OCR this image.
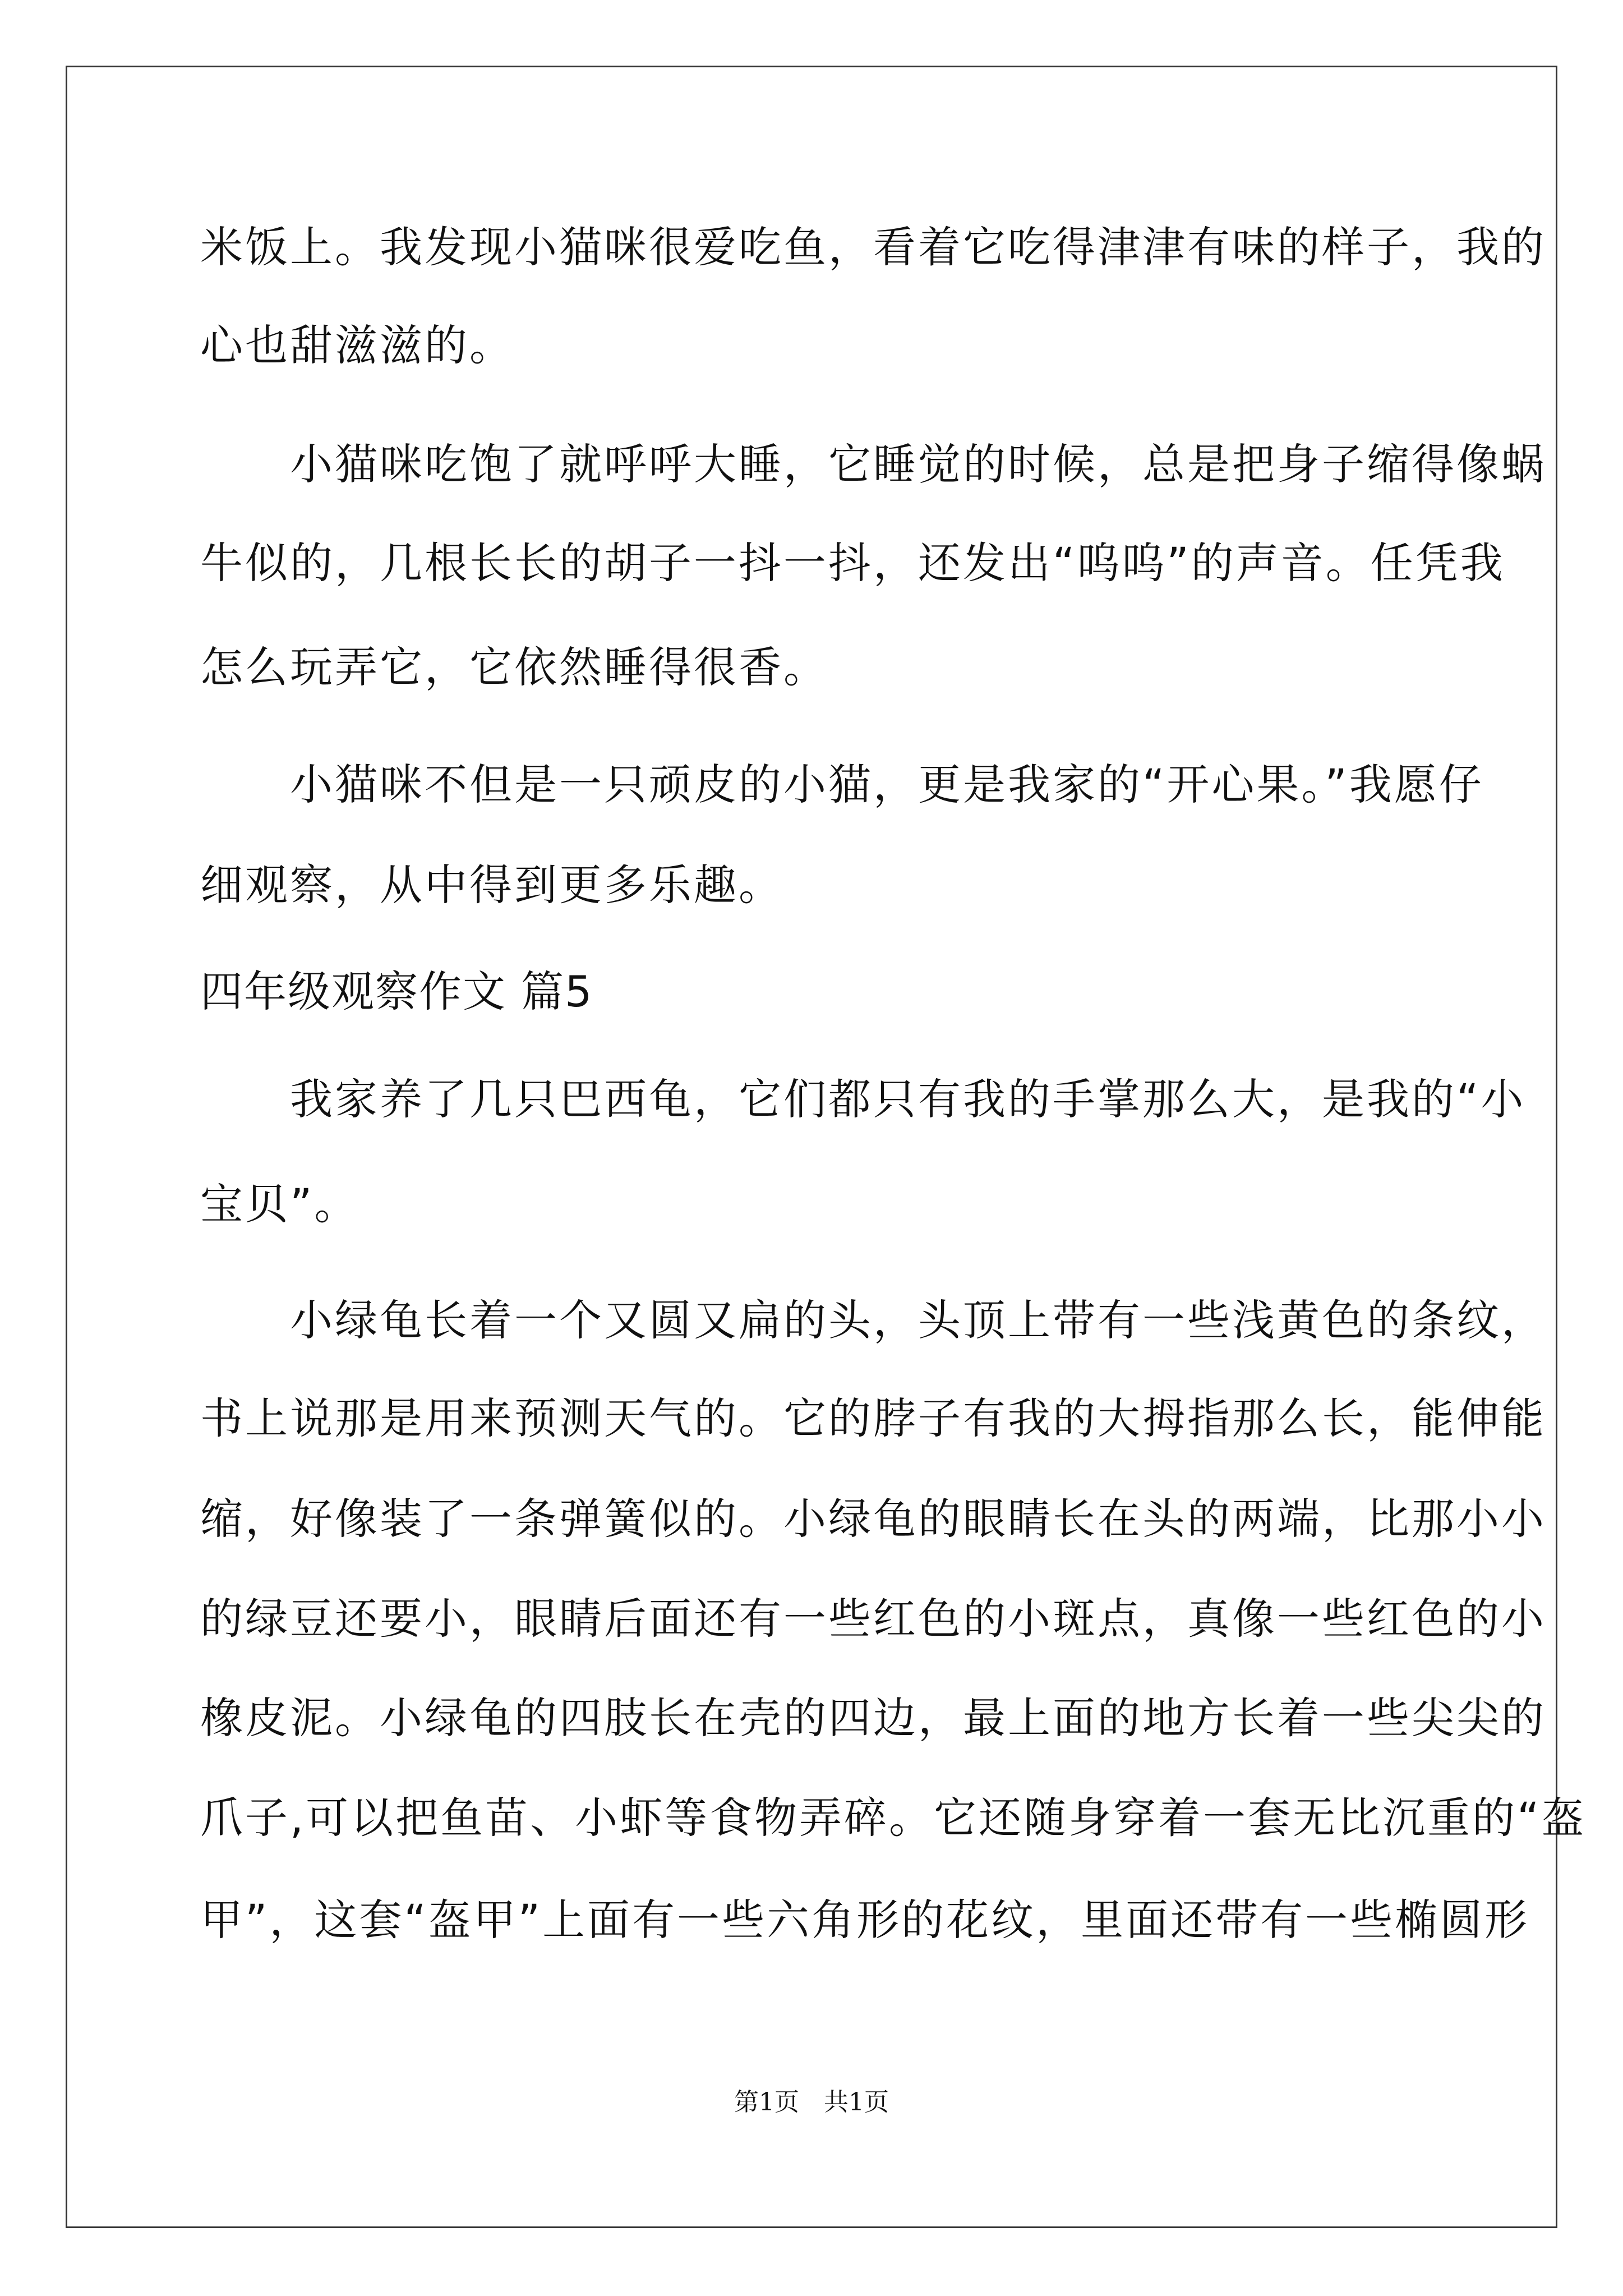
米饭上。我发现小猫咪很爱吃鱼，看着它吃得津津有味的样子，我的
心也甜滋滋的。
　　小猫咪吃饱了就呼呼大睡，它睡觉的时候，总是把身子缩得像蜗
牛似的，几根长长的胡子一抖一抖，还发出“呜呜”的声音。任凭我
怎么玩弄它，它依然睡得很香。
　　小猫咪不但是一只顽皮的小猫，更是我家的“开心果。”我愿仔
细观察，从中得到更多乐趣。
四年级观察作文 篇5
　　我家养了几只巴西龟，它们都只有我的手掌那么大，是我的“小
宝贝”。
　　小绿龟长着一个又圆又扁的头，头顶上带有一些浅黄色的条纹，
书上说那是用来预测天气的。它的脖子有我的大拇指那么长，能伸能
缩，好像装了一条弹簧似的。小绿龟的眼睛长在头的两端，比那小小
的绿豆还要小，眼睛后面还有一些红色的小斑点，真像一些红色的小
橡皮泥。小绿龟的四肢长在壳的四边，最上面的地方长着一些尖尖的
爪子,可以把鱼苗、小虾等食物弄碎。它还随身穿着一套无比沉重的“盔
甲”，这套“盔甲”上面有一些六角形的花纹，里面还带有一些椭圆形
第1页　共1页
